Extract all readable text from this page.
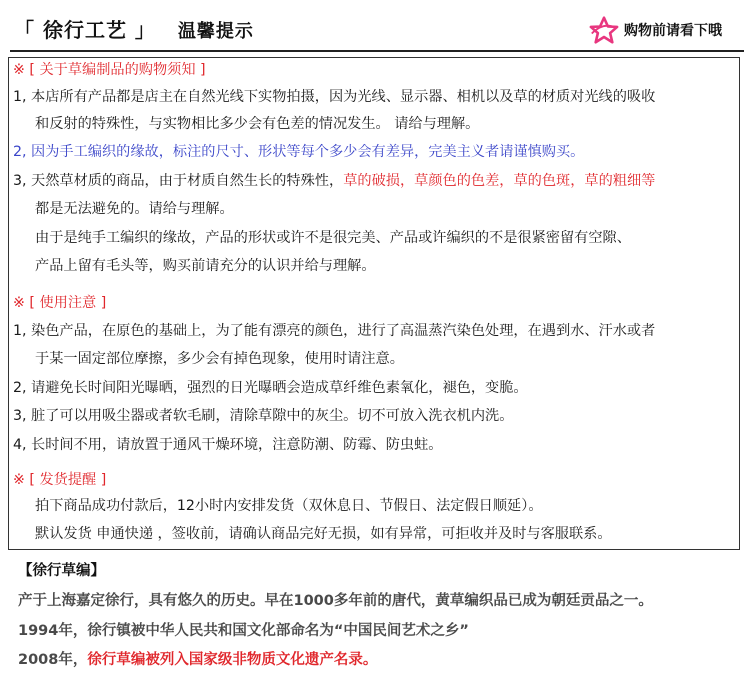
「 徐行工艺 」 温馨提示	购物前请看下哦
※ [ 关于草编制品的购物须知 ]
1, 本店所有产品都是店主在自然光线下实物拍摄，因为光线、显示器、相机以及草的材质对光线的吸收
和反射的特殊性，与实物相比多少会有色差的情况发生。 请给与理解。
2, 因为手工编织的缘故，标注的尺寸、形状等每个多少会有差异，完美主义者请谨慎购买。
3, 天然草材质的商品，由于材质自然生长的特殊性，草的破损，草颜色的色差，草的色斑，草的粗细等
都是无法避免的。请给与理解。
由于是纯手工编织的缘故，产品的形状或许不是很完美、产品或许编织的不是很紧密留有空隙、
产品上留有毛头等，购买前请充分的认识并给与理解。
※ [ 使用注意 ]
1, 染色产品，在原色的基础上，为了能有漂亮的颜色，进行了高温蒸汽染色处理，在遇到水、汗水或者
于某一固定部位摩擦，多少会有掉色现象，使用时请注意。
2, 请避免长时间阳光曝晒，强烈的日光曝晒会造成草纤维色素氧化，褪色，变脆。
3, 脏了可以用吸尘器或者软毛刷，清除草隙中的灰尘。切不可放入洗衣机内洗。
4, 长时间不用，请放置于通风干燥环境，注意防潮、防霉、防虫蛀。
※ [ 发货提醒 ]
拍下商品成功付款后，12小时内安排发货（双休息日、节假日、法定假日顺延）。
默认发货 申通快递 ，签收前，请确认商品完好无损，如有异常，可拒收并及时与客服联系。
【徐行草编】
产于上海嘉定徐行，具有悠久的历史。早在1000多年前的唐代，黄草编织品已成为朝廷贡品之一。
1994年，徐行镇被中华人民共和国文化部命名为“中国民间艺术之乡”
2008年，徐行草编被列入国家级非物质文化遗产名录。
